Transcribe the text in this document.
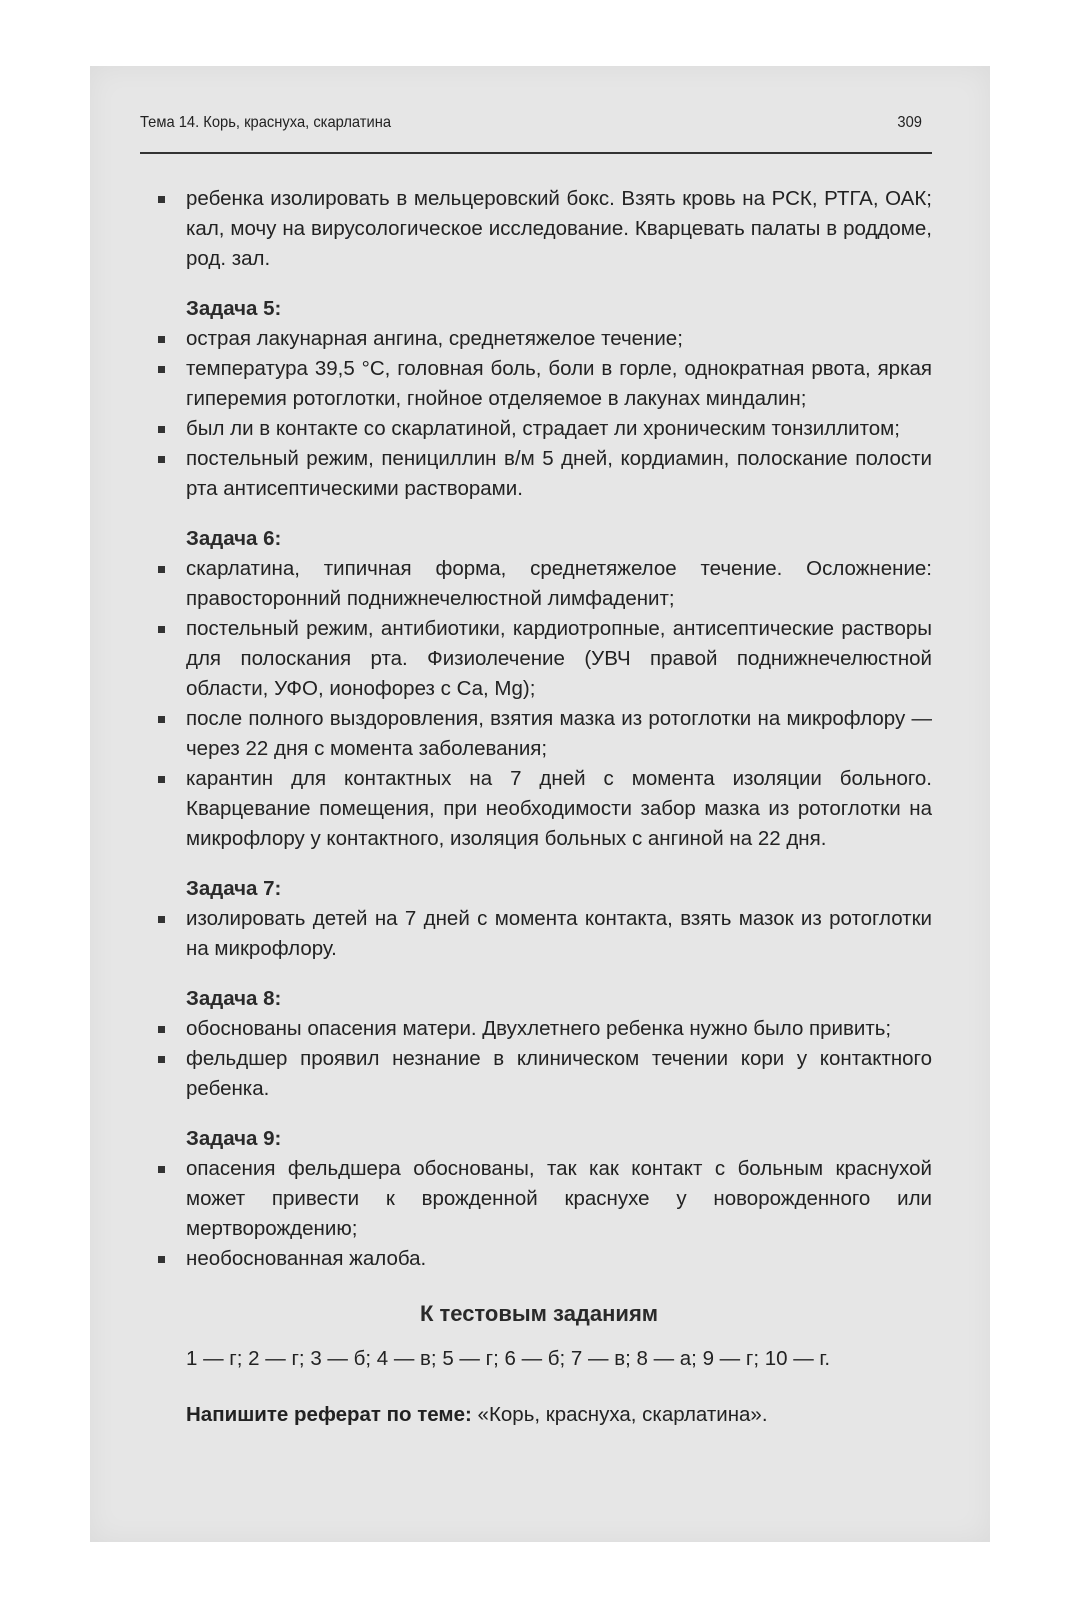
Тема 14. Корь, краснуха, скарлатина	309
ребенка изолировать в мельцеровский бокс. Взять кровь на РСК, РТГА, ОАК; кал, мочу на вирусологическое исследование. Кварцевать палаты в роддоме, род. зал.
Задача 5:
острая лакунарная ангина, среднетяжелое течение;
температура 39,5 °С, головная боль, боли в горле, однократная рвота, яркая гиперемия ротоглотки, гнойное отделяемое в лакунах миндалин;
был ли в контакте со скарлатиной, страдает ли хроническим тонзиллитом;
постельный режим, пенициллин в/м 5 дней, кордиамин, полоскание полости рта антисептическими растворами.
Задача 6:
скарлатина, типичная форма, среднетяжелое течение. Осложнение: правосторонний поднижнечелюстной лимфаденит;
постельный режим, антибиотики, кардиотропные, антисептические растворы для полоскания рта. Физиолечение (УВЧ правой поднижнечелюстной области, УФО, ионофорез с Са, Mg);
после полного выздоровления, взятия мазка из ротоглотки на микрофлору — через 22 дня с момента заболевания;
карантин для контактных на 7 дней с момента изоляции больного. Кварцевание помещения, при необходимости забор мазка из ротоглотки на микрофлору у контактного, изоляция больных с ангиной на 22 дня.
Задача 7:
изолировать детей на 7 дней с момента контакта, взять мазок из ротоглотки на микрофлору.
Задача 8:
обоснованы опасения матери. Двухлетнего ребенка нужно было привить;
фельдшер проявил незнание в клиническом течении кори у контактного ребенка.
Задача 9:
опасения фельдшера обоснованы, так как контакт с больным краснухой может привести к врожденной краснухе у новорожденного или мертворождению;
необоснованная жалоба.
К тестовым заданиям
1 — г; 2 — г; 3 — б; 4 — в; 5 — г; 6 — б; 7 — в; 8 — а; 9 — г; 10 — г.
Напишите реферат по теме: «Корь, краснуха, скарлатина».
